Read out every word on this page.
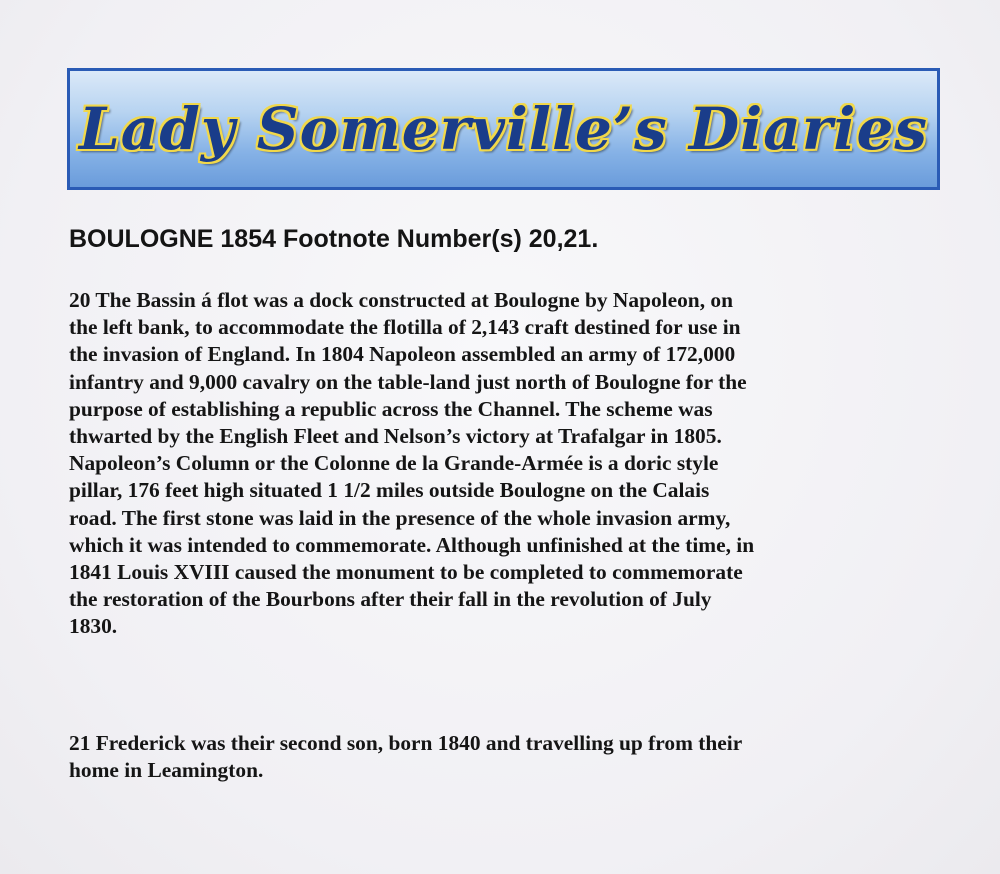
Lady Somerville’s Diaries
BOULOGNE 1854 Footnote Number(s) 20,21.

20 The Bassin á flot was a dock constructed at Boulogne by Napoleon, on
the left bank, to accommodate the flotilla of 2,143 craft destined for use in
the invasion of England. In 1804 Napoleon assembled an army of 172,000
infantry and 9,000 cavalry on the table-land just north of Boulogne for the
purpose of establishing a republic across the Channel. The scheme was
thwarted by the English Fleet and Nelson’s victory at Trafalgar in 1805.
Napoleon’s Column or the Colonne de la Grande-Armée is a doric style
pillar, 176 feet high situated 1 1/2 miles outside Boulogne on the Calais
road. The first stone was laid in the presence of the whole invasion army,
which it was intended to commemorate. Although unfinished at the time, in
1841 Louis XVIII caused the monument to be completed to commemorate
the restoration of the Bourbons after their fall in the revolution of July
1830.

21 Frederick was their second son, born 1840 and travelling up from their
home in Leamington.
